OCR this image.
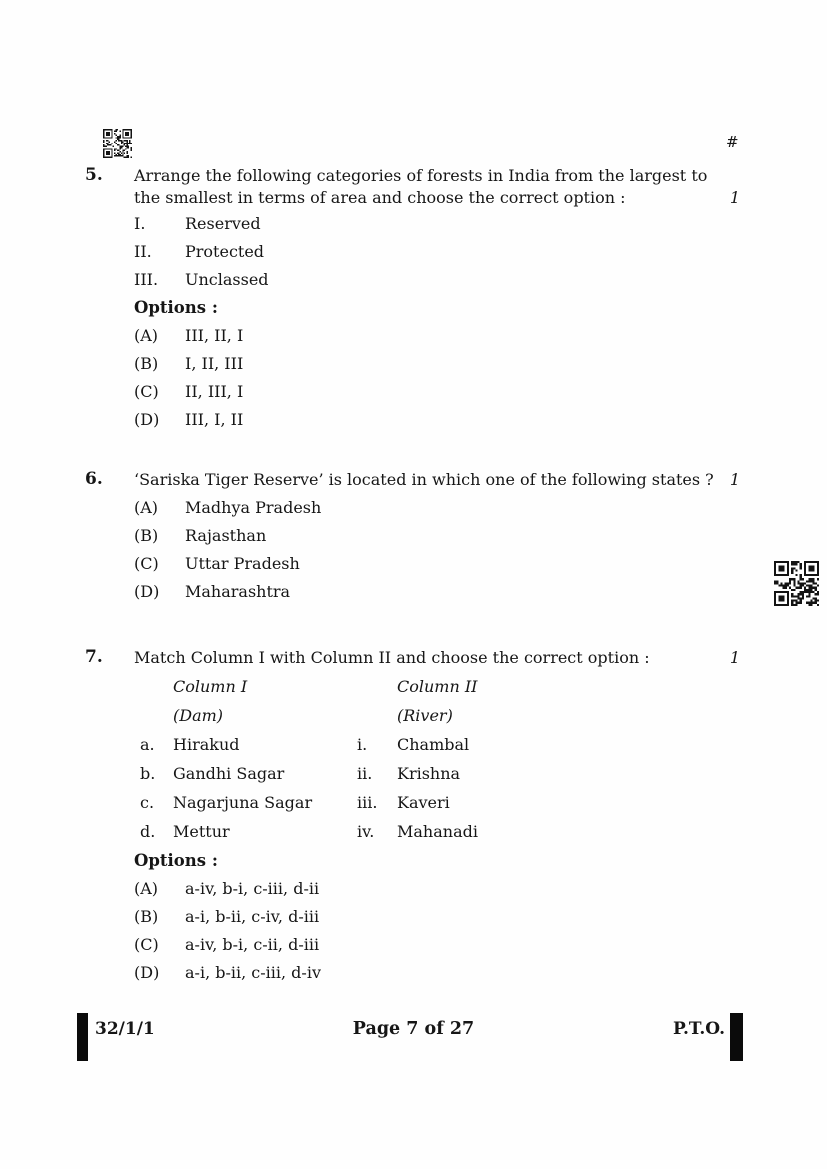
#
5. Arrange the following categories of forests in India from the largest to the smallest in terms of area and choose the correct option :	1
I.	Reserved
II.	Protected
III.	Unclassed
Options :
(A)	III, II, I
(B)	I, II, III
(C)	II, III, I
(D)	III, I, II
6. ‘Sariska Tiger Reserve’ is located in which one of the following states ? 1
(A)	Madhya Pradesh
(B)	Rajasthan
(C)	Uttar Pradesh
(D)	Maharashtra
7. Match Column I with Column II and choose the correct option :	1
Column I	Column II
(Dam)	(River)
a.	Hirakud	i.	Chambal
b.	Gandhi Sagar	ii.	Krishna
c.	Nagarjuna Sagar	iii.	Kaveri
d.	Mettur	iv.	Mahanadi
Options :
(A)	a-iv, b-i, c-iii, d-ii
(B)	a-i, b-ii, c-iv, d-iii
(C)	a-iv, b-i, c-ii, d-iii
(D)	a-i, b-ii, c-iii, d-iv
32/1/1	Page 7 of 27	P.T.O.
